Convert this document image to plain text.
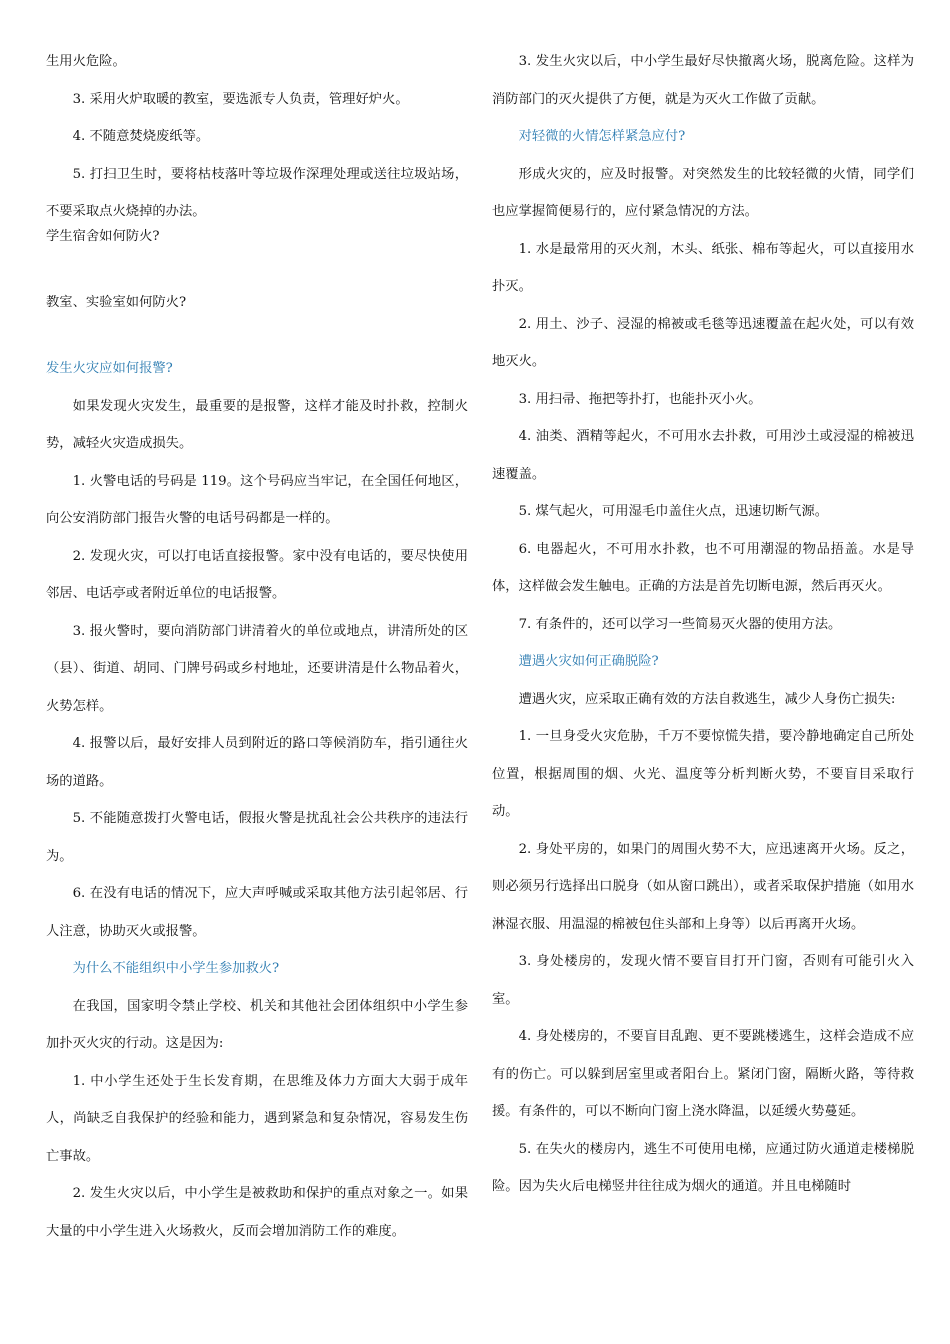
生用火危险。

3. 采用火炉取暖的教室，要选派专人负责，管理好炉火。

4. 不随意焚烧废纸等。

5. 打扫卫生时，要将枯枝落叶等垃圾作深理处理或送往垃圾站场，不要采取点火烧掉的办法。

学生宿舍如何防火?

教室、实验室如何防火?

发生火灾应如何报警?

如果发现火灾发生，最重要的是报警，这样才能及时扑救，控制火势，减轻火灾造成损失。

1. 火警电话的号码是 119。这个号码应当牢记，在全国任何地区，向公安消防部门报告火警的电话号码都是一样的。

2. 发现火灾，可以打电话直接报警。家中没有电话的，要尽快使用邻居、电话亭或者附近单位的电话报警。

3. 报火警时，要向消防部门讲清着火的单位或地点，讲清所处的区（县）、街道、胡同、门牌号码或乡村地址，还要讲清是什么物品着火，火势怎样。

4. 报警以后，最好安排人员到附近的路口等候消防车，指引通往火场的道路。

5. 不能随意拨打火警电话，假报火警是扰乱社会公共秩序的违法行为。

6. 在没有电话的情况下，应大声呼喊或采取其他方法引起邻居、行人注意，协助灭火或报警。

为什么不能组织中小学生参加救火?

在我国，国家明令禁止学校、机关和其他社会团体组织中小学生参加扑灭火灾的行动。这是因为:

1. 中小学生还处于生长发育期，在思维及体力方面大大弱于成年人，尚缺乏自我保护的经验和能力，遇到紧急和复杂情况，容易发生伤亡事故。

2. 发生火灾以后，中小学生是被救助和保护的重点对象之一。如果大量的中小学生进入火场救火，反而会增加消防工作的难度。

3. 发生火灾以后，中小学生最好尽快撤离火场，脱离危险。这样为消防部门的灭火提供了方便，就是为灭火工作做了贡献。

对轻微的火情怎样紧急应付?

形成火灾的，应及时报警。对突然发生的比较轻微的火情，同学们也应掌握简便易行的，应付紧急情况的方法。

1. 水是最常用的灭火剂，木头、纸张、棉布等起火，可以直接用水扑灭。

2. 用土、沙子、浸湿的棉被或毛毯等迅速覆盖在起火处，可以有效地灭火。

3. 用扫帚、拖把等扑打，也能扑灭小火。

4. 油类、酒精等起火，不可用水去扑救，可用沙土或浸湿的棉被迅速覆盖。

5. 煤气起火，可用湿毛巾盖住火点，迅速切断气源。

6. 电器起火，不可用水扑救，也不可用潮湿的物品捂盖。水是导体，这样做会发生触电。正确的方法是首先切断电源，然后再灭火。

7. 有条件的，还可以学习一些简易灭火器的使用方法。

遭遇火灾如何正确脱险?

遭遇火灾，应采取正确有效的方法自救逃生，减少人身伤亡损失:

1. 一旦身受火灾危胁，千万不要惊慌失措，要冷静地确定自己所处位置，根据周围的烟、火光、温度等分析判断火势，不要盲目采取行动。

2. 身处平房的，如果门的周围火势不大，应迅速离开火场。反之，则必须另行选择出口脱身（如从窗口跳出），或者采取保护措施（如用水淋湿衣服、用温湿的棉被包住头部和上身等）以后再离开火场。

3. 身处楼房的，发现火情不要盲目打开门窗，否则有可能引火入室。

4. 身处楼房的，不要盲目乱跑、更不要跳楼逃生，这样会造成不应有的伤亡。可以躲到居室里或者阳台上。紧闭门窗，隔断火路，等待救援。有条件的，可以不断向门窗上浇水降温，以延缓火势蔓延。

5. 在失火的楼房内，逃生不可使用电梯，应通过防火通道走楼梯脱险。因为失火后电梯竖井往往成为烟火的通道。并且电梯随时
